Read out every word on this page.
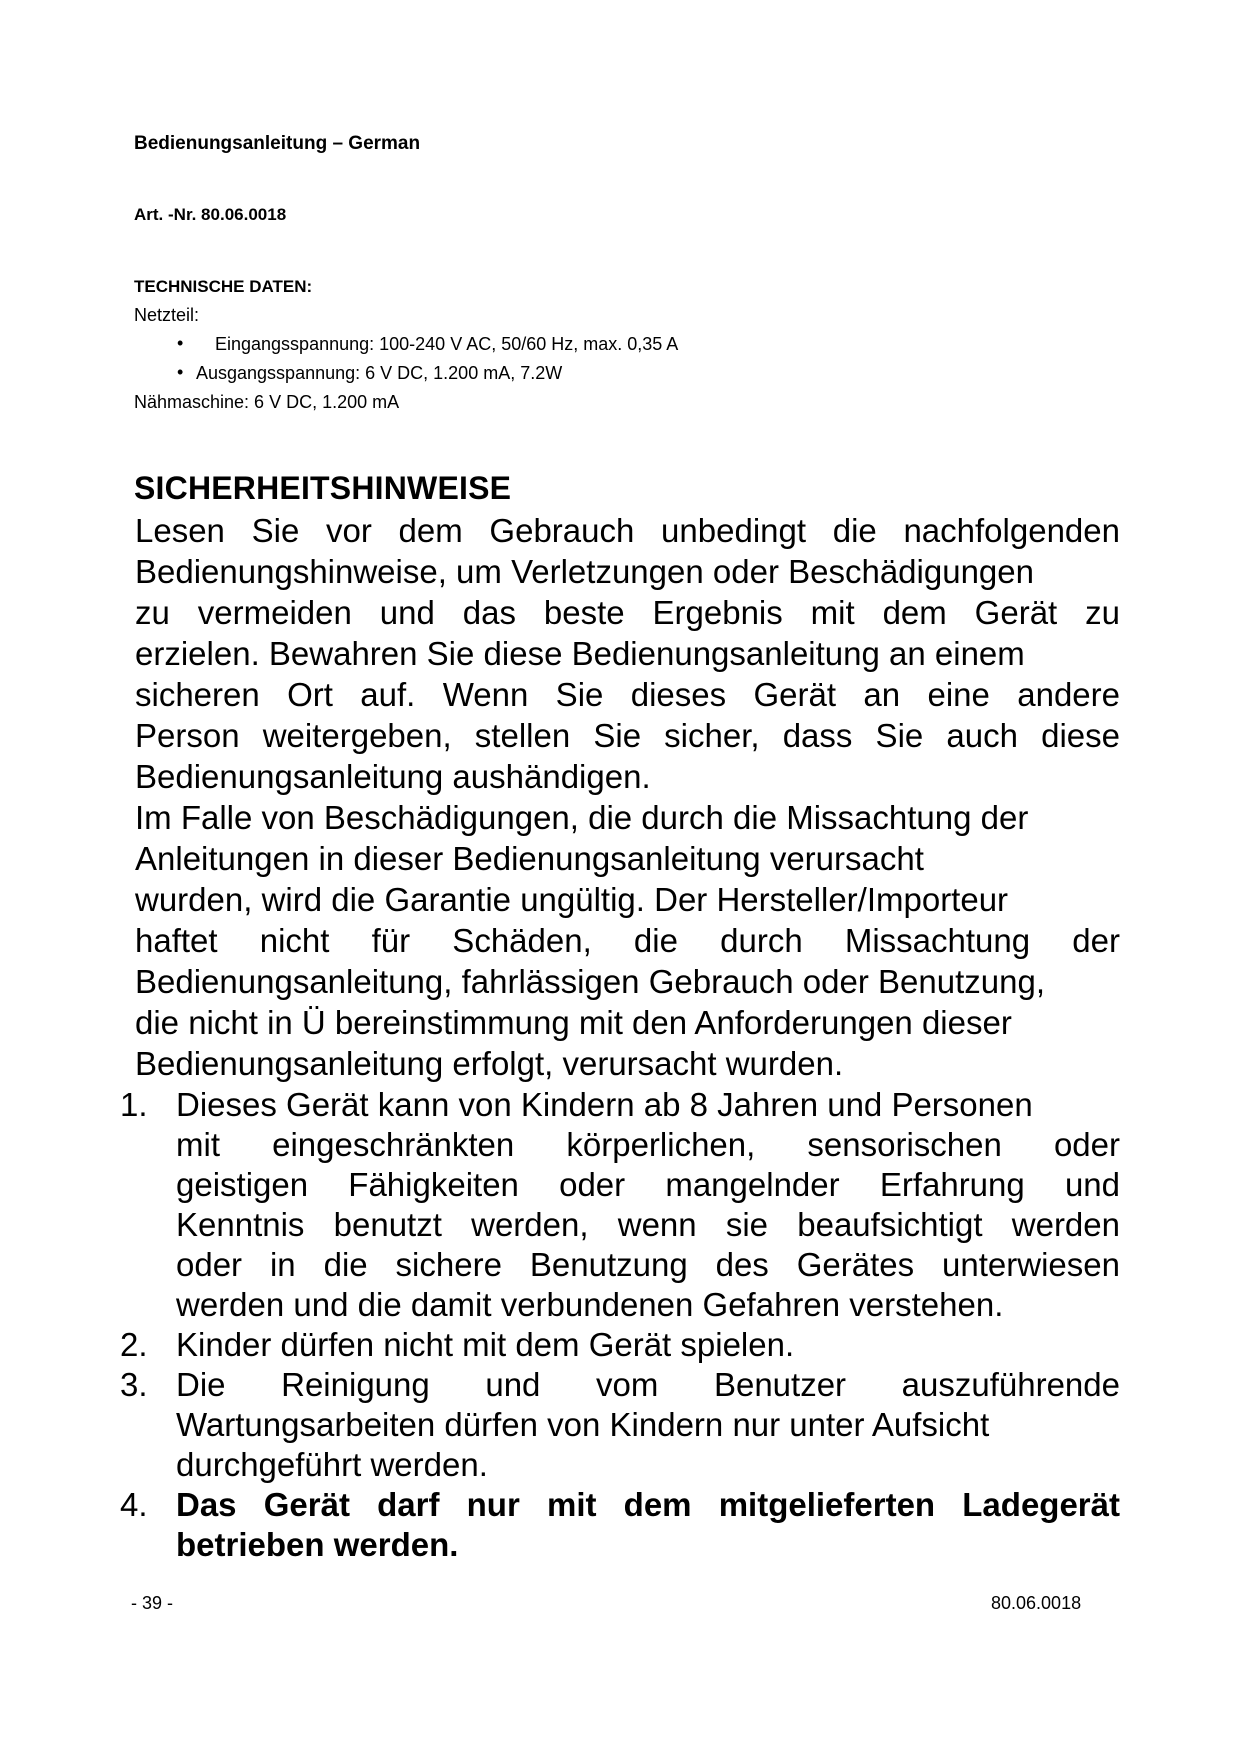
Bedienungsanleitung – German
Art. -Nr. 80.06.0018
TECHNISCHE DATEN:
Netzteil:
• Eingangsspannung: 100-240 V AC, 50/60 Hz, max. 0,35 A
• Ausgangsspannung: 6 V DC, 1.200 mA, 7.2W
Nähmaschine: 6 V DC, 1.200 mA
SICHERHEITSHINWEISE
Lesen Sie vor dem Gebrauch unbedingt die nachfolgenden
Bedienungshinweise, um Verletzungen oder Beschädigungen
zu vermeiden und das beste Ergebnis mit dem Gerät zu
erzielen. Bewahren Sie diese Bedienungsanleitung an einem
sicheren Ort auf. Wenn Sie dieses Gerät an eine andere
Person weitergeben, stellen Sie sicher, dass Sie auch diese
Bedienungsanleitung aushändigen.
Im Falle von Beschädigungen, die durch die Missachtung der
Anleitungen in dieser Bedienungsanleitung verursacht
wurden, wird die Garantie ungültig. Der Hersteller/Importeur
haftet nicht für Schäden, die durch Missachtung der
Bedienungsanleitung, fahrlässigen Gebrauch oder Benutzung,
die nicht in Ü bereinstimmung mit den Anforderungen dieser
Bedienungsanleitung erfolgt, verursacht wurden.
1. Dieses Gerät kann von Kindern ab 8 Jahren und Personen
mit eingeschränkten körperlichen, sensorischen oder
geistigen Fähigkeiten oder mangelnder Erfahrung und
Kenntnis benutzt werden, wenn sie beaufsichtigt werden
oder in die sichere Benutzung des Gerätes unterwiesen
werden und die damit verbundenen Gefahren verstehen.
2. Kinder dürfen nicht mit dem Gerät spielen.
3. Die Reinigung und vom Benutzer auszuführende
Wartungsarbeiten dürfen von Kindern nur unter Aufsicht
durchgeführt werden.
4. Das Gerät darf nur mit dem mitgelieferten Ladegerät
betrieben werden.
- 39 -	80.06.0018
